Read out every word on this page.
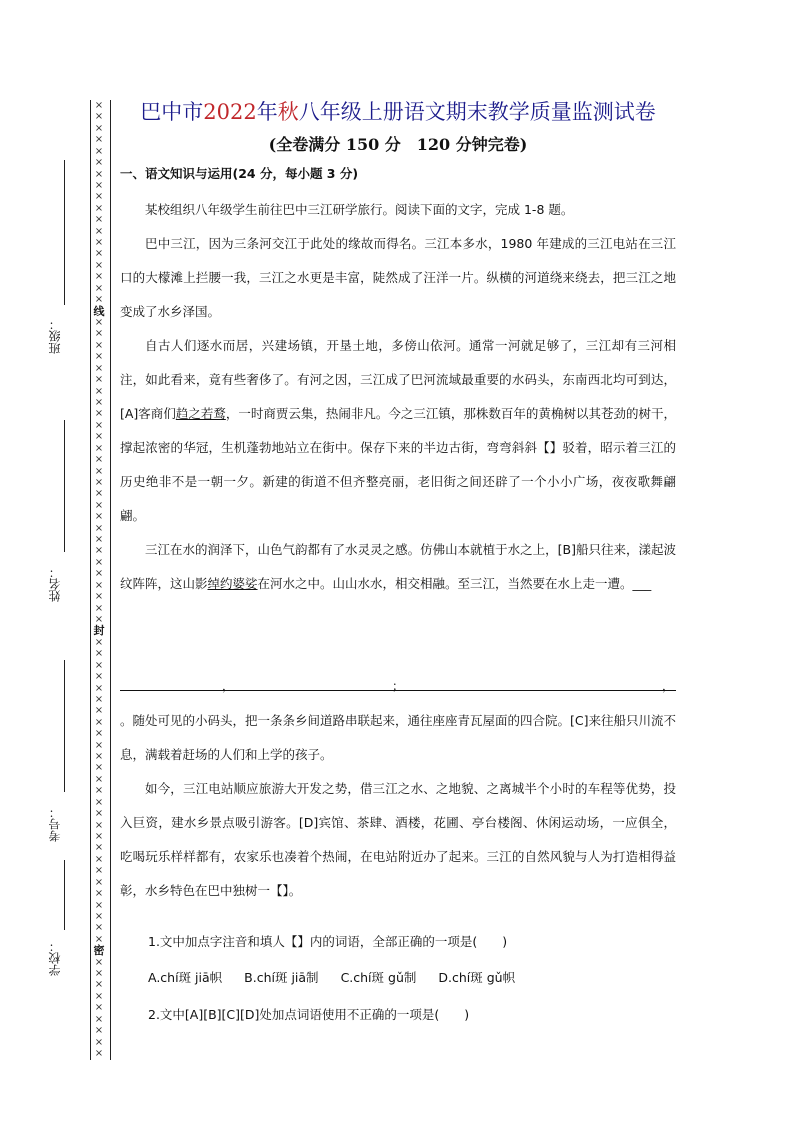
×
×
×
×
×
×
×
×
×
×
×
×
×
×
×
×
×
×
线
×
×
×
×
×
×
×
×
×
×
×
×
×
×
×
×
×
×
×
×
×
×
×
×
×
×
×
封
×
×
×
×
×
×
×
×
×
×
×
×
×
×
×
×
×
×
×
×
×
×
×
×
×
×
×
密
×
×
×
×
×
×
×
×
×
班级：
姓名：
考号：
学校：
巴中市2022年秋八年级上册语文期末教学质量监测试卷
(全卷满分 150 分　120 分钟完卷)
一、语文知识与运用(24 分，每小题 3 分)

某校组织八年级学生前往巴中三江研学旅行。阅读下面的文字，完成 1-8 题。

巴中三江，因为三条河交江于此处的缘故而得名。三江本多水，1980 年建成的三江电站在三江口的大檬滩上拦腰一我，三江之水更是丰富，陡然成了汪洋一片。纵横的河道绕来绕去，把三江之地变成了水乡泽国。

自古人们逐水而居，兴建场镇，开垦土地，多傍山依河。通常一河就足够了，三江却有三河相注，如此看来，竟有些奢侈了。有河之因，三江成了巴河流域最重要的水码头，东南西北均可到达，[A]客商们趋之若鹜，一时商贾云集，热闹非凡。今之三江镇，那株数百年的黄桷树以其苍劲的树干，撑起浓密的华冠，生机蓬勃地站立在街中。保存下来的半边古街，弯弯斜斜【】驳着，昭示着三江的历史绝非不是一朝一夕。新建的街道不但齐整亮丽，老旧街之间还辟了一个小小广场，夜夜歌舞翩翩。

三江在水的润泽下，山色气韵都有了水灵灵之感。仿佛山本就植于水之上，[B]船只往来，漾起波纹阵阵，这山影绰约婆娑在河水之中。山山水水，相交相融。至三江，当然要在水上走一遭。___

，	；	，

。随处可见的小码头，把一条条乡间道路串联起来，通往座座青瓦屋面的四合院。[C]来往船只川流不息，满载着赶场的人们和上学的孩子。

如今，三江电站顺应旅游大开发之势，借三江之水、之地貌、之离城半个小时的车程等优势，投入巨资，建水乡景点吸引游客。[D]宾馆、茶肆、酒楼，花圃、亭台楼阁、休闲运动场，一应俱全，吃喝玩乐样样都有，农家乐也凑着个热闹，在电站附近办了起来。三江的自然风貌与人为打造相得益彰，水乡特色在巴中独树一【】。

1.文中加点字注音和填人【】内的词语，全部正确的一项是(　　)
A.chí斑 jiā帜 B.chí斑 jiā制 C.chí斑 gǔ制 D.chí斑 gǔ帜
2.文中[A][B][C][D]处加点词语使用不正确的一项是(　　)
